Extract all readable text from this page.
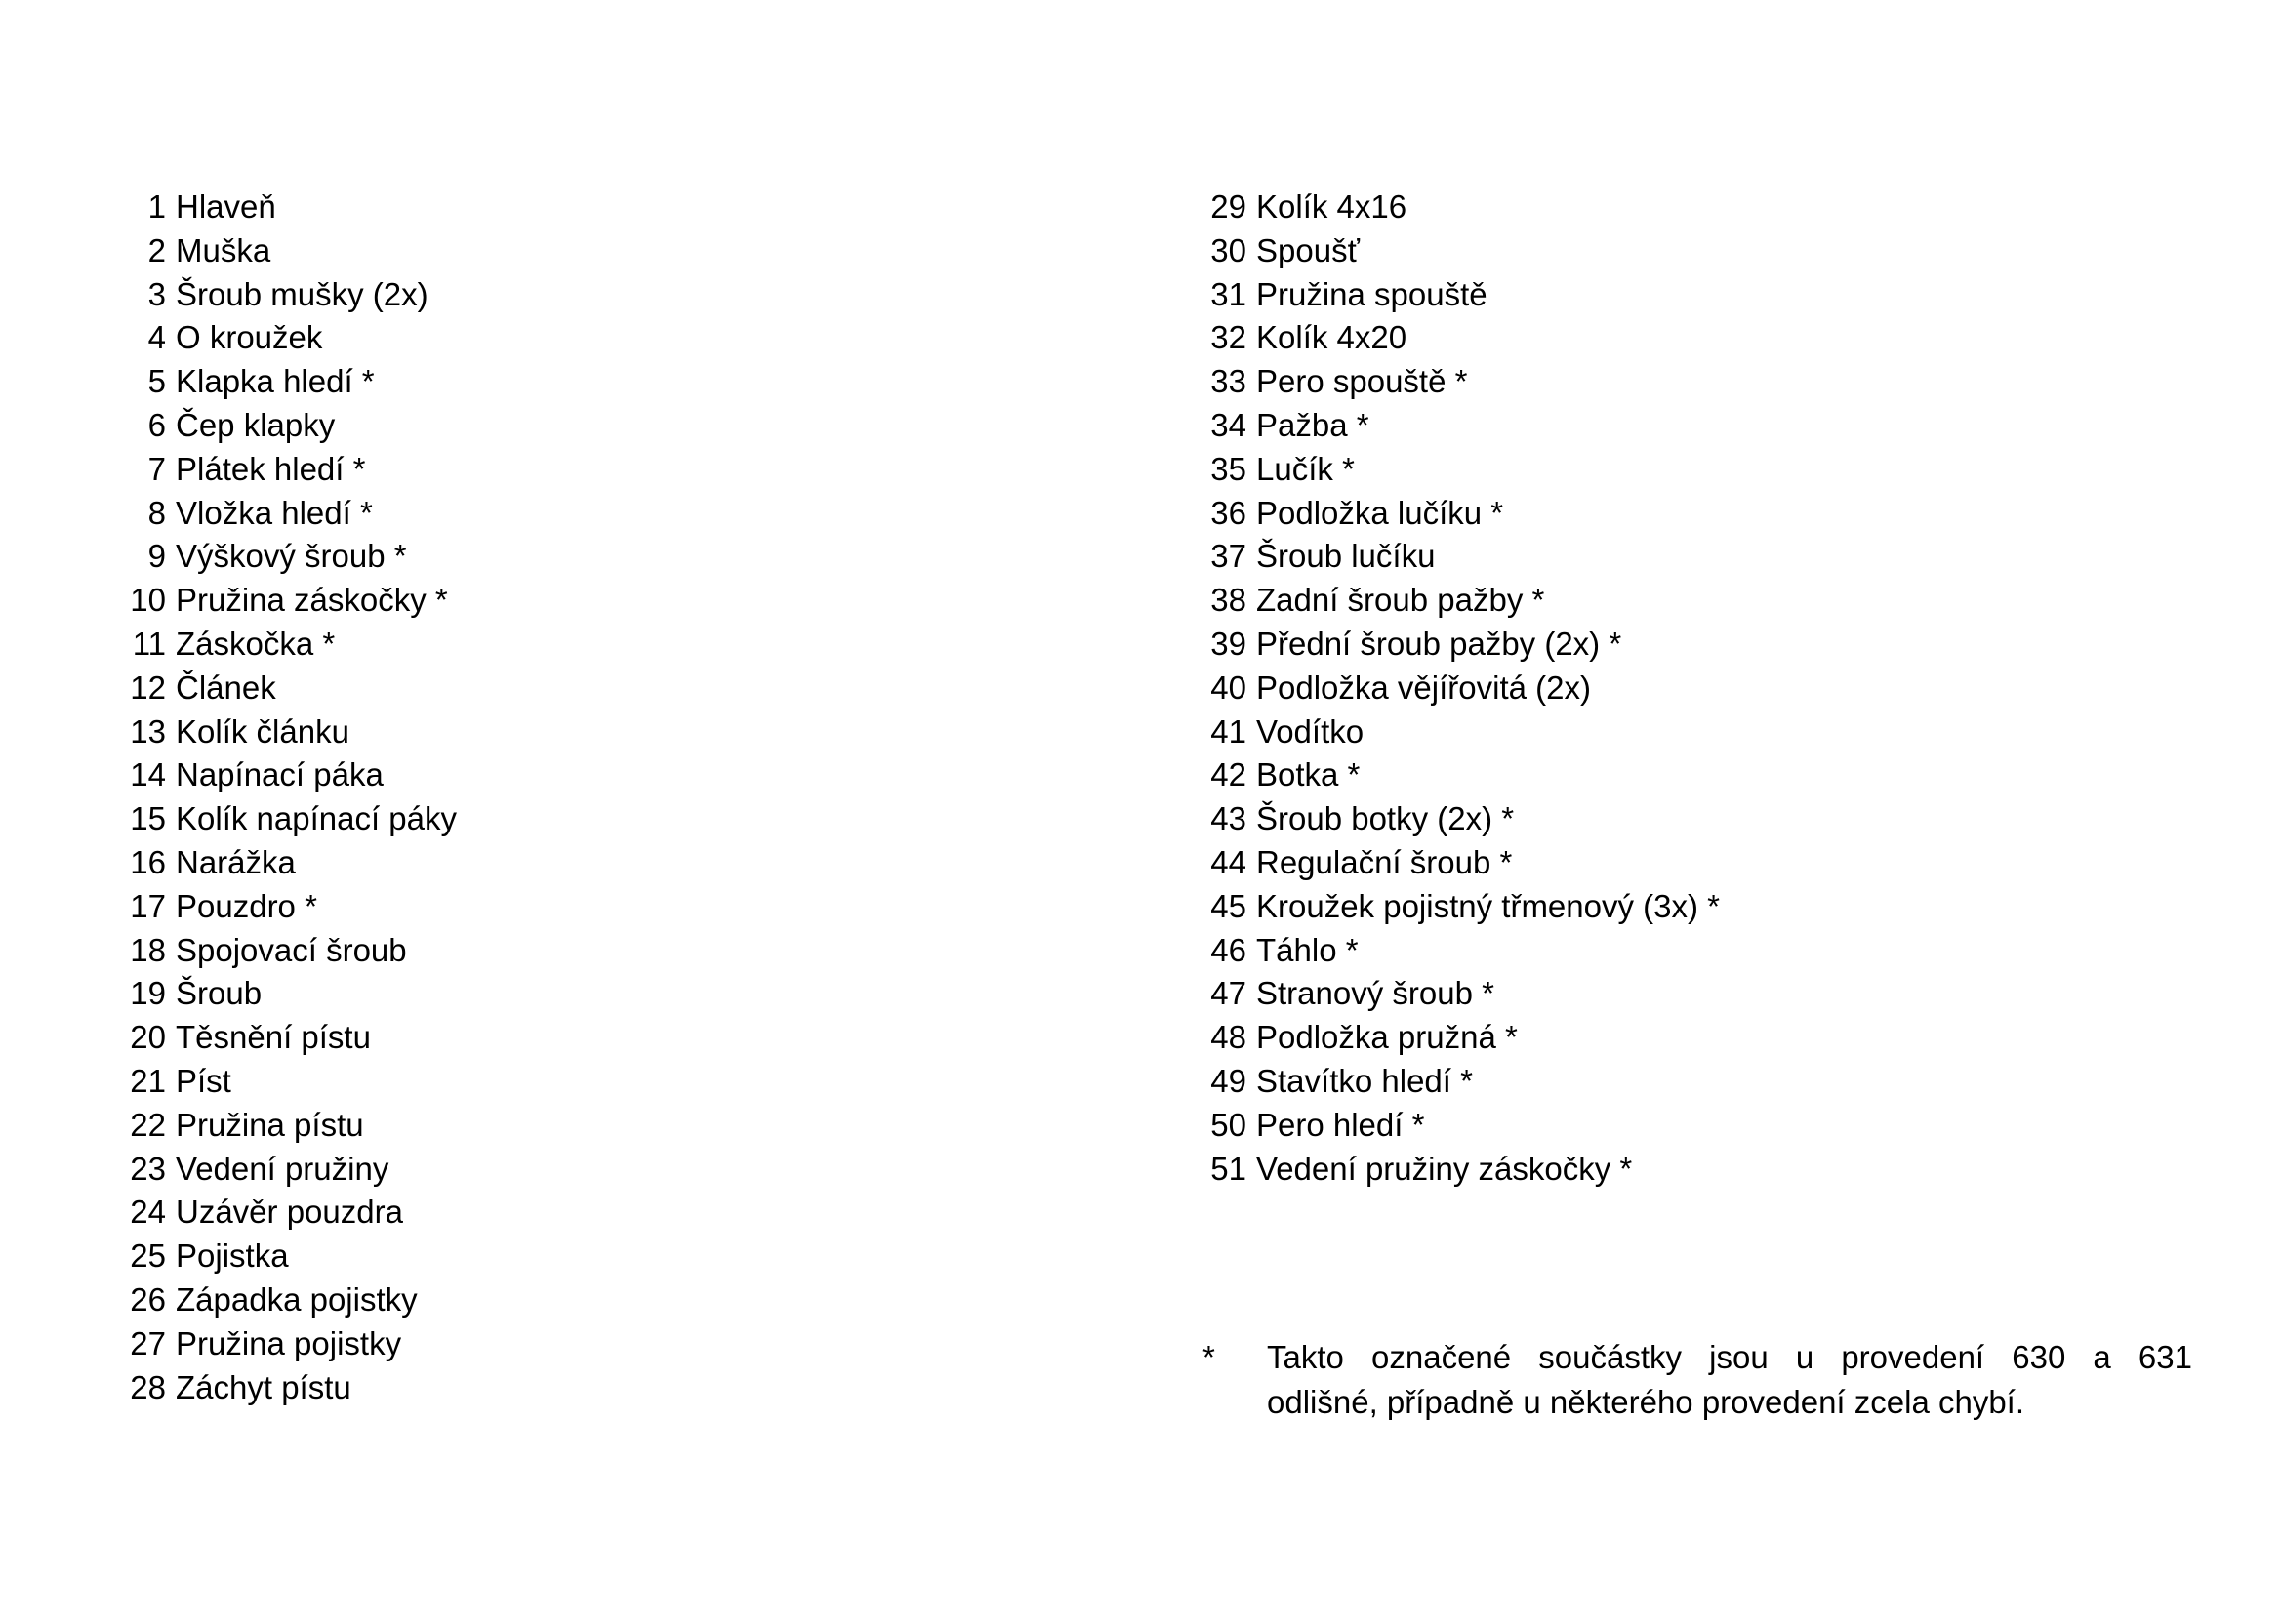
1 Hlaveň
2 Muška
3 Šroub mušky (2x)
4 O kroužek
5 Klapka hledí *
6 Čep klapky
7 Plátek hledí *
8 Vložka hledí *
9 Výškový šroub *
10 Pružina záskočky *
11 Záskočka *
12 Článek
13 Kolík článku
14 Napínací páka
15 Kolík napínací páky
16 Narážka
17 Pouzdro *
18 Spojovací šroub
19 Šroub
20 Těsnění pístu
21 Píst
22 Pružina pístu
23 Vedení pružiny
24 Uzávěr pouzdra
25 Pojistka
26 Západka pojistky
27 Pružina pojistky
28 Záchyt pístu
29 Kolík 4x16
30 Spoušť
31 Pružina spouště
32 Kolík 4x20
33 Pero spouště *
34 Pažba *
35 Lučík *
36 Podložka lučíku *
37 Šroub lučíku
38 Zadní šroub pažby *
39 Přední šroub pažby (2x) *
40 Podložka vějířovitá (2x)
41 Vodítko
42 Botka *
43 Šroub botky (2x) *
44 Regulační šroub *
45 Kroužek pojistný třmenový (3x) *
46 Táhlo *
47 Stranový šroub *
48 Podložka pružná *
49 Stavítko hledí *
50 Pero hledí *
51 Vedení pružiny záskočky *
* Takto označené součástky jsou u provedení 630 a 631
odlišné, případně u některého provedení zcela chybí.
